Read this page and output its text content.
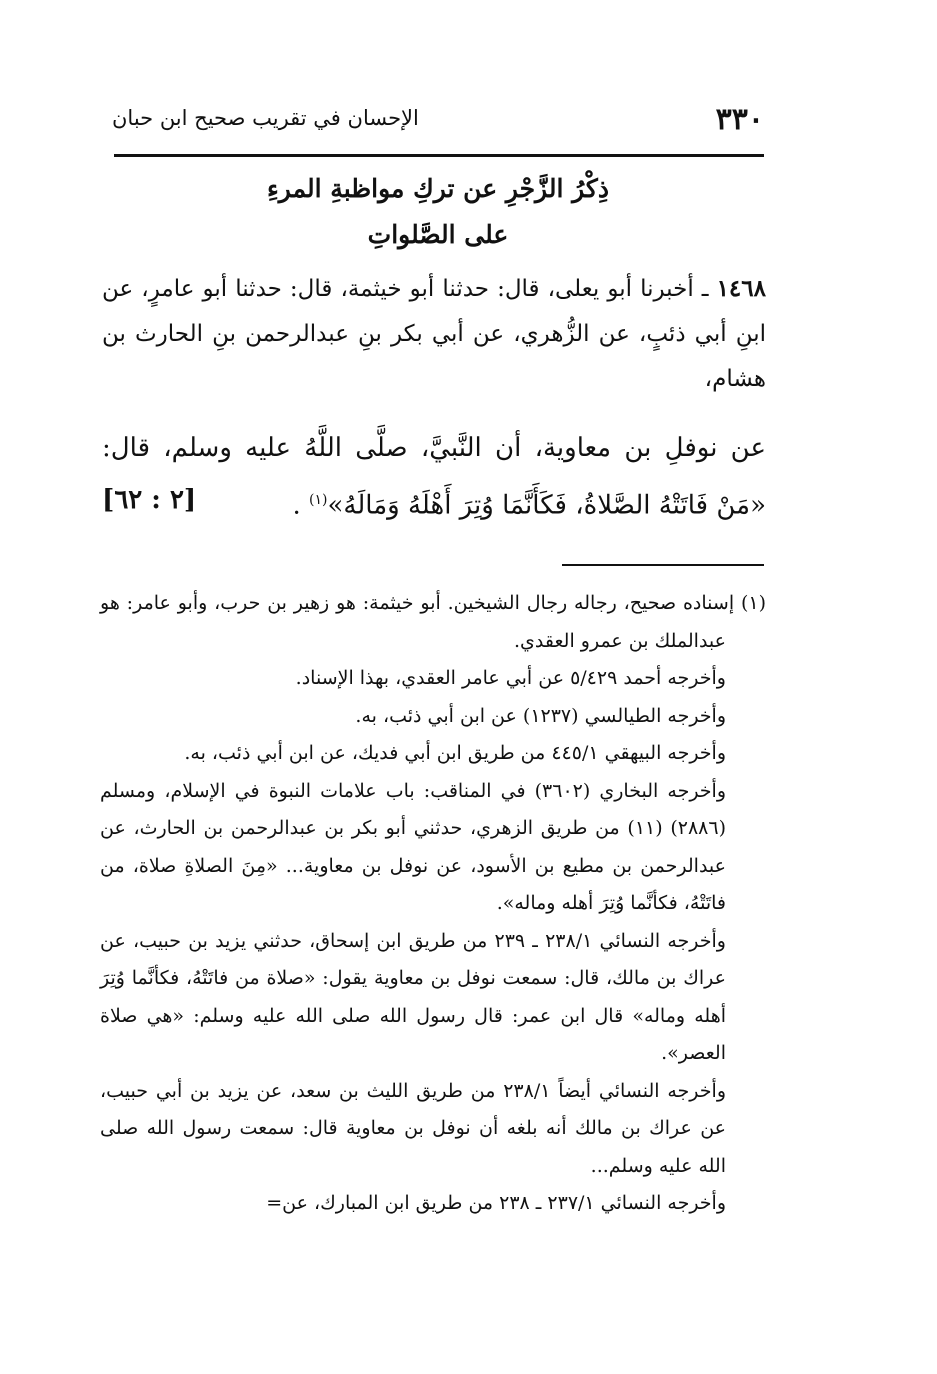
٣٣٠
الإحسان في تقريب صحيح ابن حبان
ذِكْرُ الزَّجْرِ عن تركِ مواظبةِ المرءِ
على الصَّلواتِ

١٤٦٨ ـ أخبرنا أبو يعلى، قال: حدثنا أبو خيثمة، قال: حدثنا أبو عامرٍ، عن ابنِ أبي ذئبٍ، عن الزُّهري، عن أبي بكر بنِ عبدالرحمن بنِ الحارث بن هشام،

عن نوفلِ بن معاوية، أن النَّبيَّ، صلَّى اللَّهُ عليه وسلم، قال: «مَنْ فَاتَتْهُ الصَّلاةُ، فَكَأَنَّمَا وُتِرَ أَهْلَهُ وَمَالَهُ»$^{(١)}$ .
[٢ : ٦٢]

(١) إسناده صحيح، رجاله رجال الشيخين. أبو خيثمة: هو زهير بن حرب، وأبو عامر: هو عبدالملك بن عمرو العقدي.

وأخرجه أحمد ٥/٤٢٩ عن أبي عامر العقدي، بهذا الإسناد.

وأخرجه الطيالسي (١٢٣٧) عن ابن أبي ذئب، به.

وأخرجه البيهقي ٤٤٥/١ من طريق ابن أبي فديك، عن ابن أبي ذئب، به.

وأخرجه البخاري (٣٦٠٢) في المناقب: باب علامات النبوة في الإسلام، ومسلم (٢٨٨٦) (١١) من طريق الزهري، حدثني أبو بكر بن عبدالرحمن بن الحارث، عن عبدالرحمن بن مطيع بن الأسود، عن نوفل بن معاوية... «مِنَ الصلاةِ صلاة، من فاتَتْهُ، فكأنَّما وُتِرَ أهله وماله».

وأخرجه النسائي ٢٣٨/١ ـ ٢٣٩ من طريق ابن إسحاق، حدثني يزيد بن حبيب، عن عراك بن مالك، قال: سمعت نوفل بن معاوية يقول: «صلاة من فاتَتْهُ، فكأنَّما وُتِرَ أهله وماله» قال ابن عمر: قال رسول الله صلى الله عليه وسلم: «هي صلاة العصر».

وأخرجه النسائي أيضاً ٢٣٨/١ من طريق الليث بن سعد، عن يزيد بن أبي حبيب، عن عراك بن مالك أنه بلغه أن نوفل بن معاوية قال: سمعت رسول الله صلى الله عليه وسلم...

وأخرجه النسائي ٢٣٧/١ ـ ٢٣٨ من طريق ابن المبارك، عن=
